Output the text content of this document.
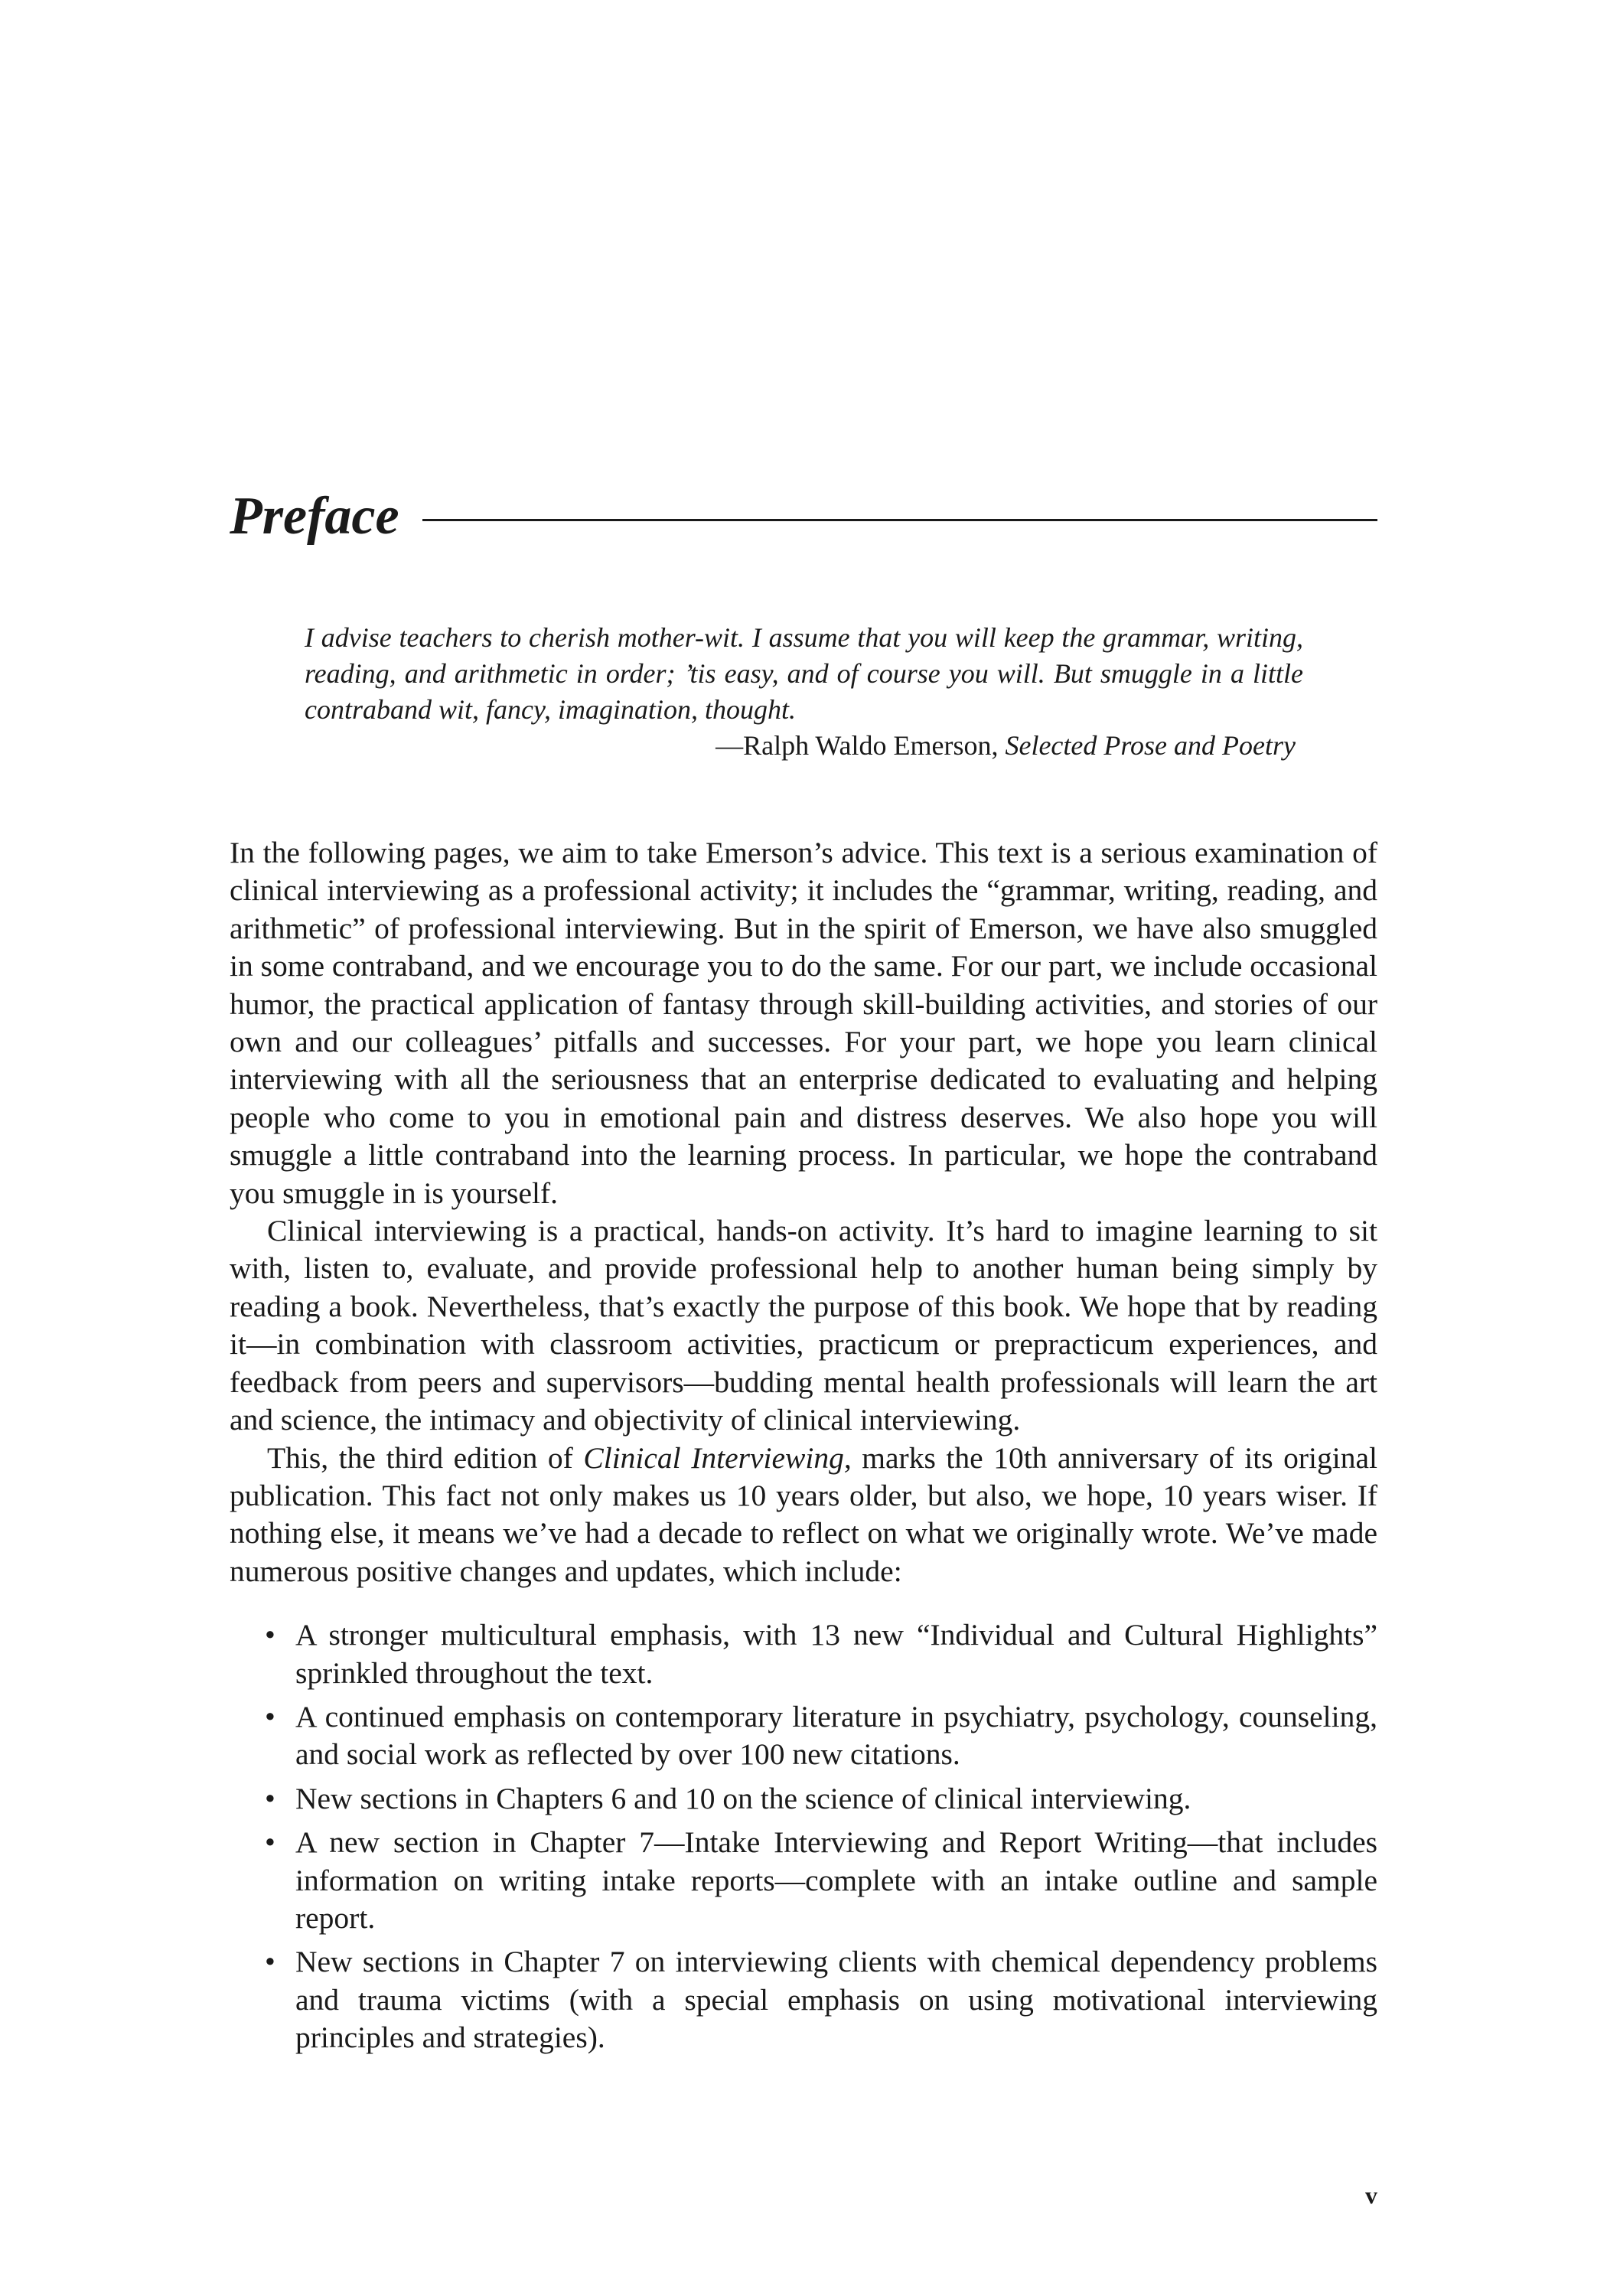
Preface

I advise teachers to cherish mother-wit. I assume that you will keep the grammar, writing, reading, and arithmetic in order; ’tis easy, and of course you will. But smuggle in a little contraband wit, fancy, imagination, thought.

—Ralph Waldo Emerson, Selected Prose and Poetry

In the following pages, we aim to take Emerson’s advice. This text is a serious examination of clinical interviewing as a professional activity; it includes the “grammar, writing, reading, and arithmetic” of professional interviewing. But in the spirit of Emerson, we have also smuggled in some contraband, and we encourage you to do the same. For our part, we include occasional humor, the practical application of fantasy through skill-building activities, and stories of our own and our colleagues’ pitfalls and successes. For your part, we hope you learn clinical interviewing with all the seriousness that an enterprise dedicated to evaluating and helping people who come to you in emotional pain and distress deserves. We also hope you will smuggle a little contraband into the learning process. In particular, we hope the contraband you smuggle in is yourself.

Clinical interviewing is a practical, hands-on activity. It’s hard to imagine learning to sit with, listen to, evaluate, and provide professional help to another human being simply by reading a book. Nevertheless, that’s exactly the purpose of this book. We hope that by reading it—in combination with classroom activities, practicum or prepracticum experiences, and feedback from peers and supervisors—budding mental health professionals will learn the art and science, the intimacy and objectivity of clinical interviewing.

This, the third edition of Clinical Interviewing, marks the 10th anniversary of its original publication. This fact not only makes us 10 years older, but also, we hope, 10 years wiser. If nothing else, it means we’ve had a decade to reflect on what we originally wrote. We’ve made numerous positive changes and updates, which include:

• A stronger multicultural emphasis, with 13 new “Individual and Cultural Highlights” sprinkled throughout the text.
• A continued emphasis on contemporary literature in psychiatry, psychology, counseling, and social work as reflected by over 100 new citations.
• New sections in Chapters 6 and 10 on the science of clinical interviewing.
• A new section in Chapter 7—Intake Interviewing and Report Writing—that includes information on writing intake reports—complete with an intake outline and sample report.
• New sections in Chapter 7 on interviewing clients with chemical dependency problems and trauma victims (with a special emphasis on using motivational interviewing principles and strategies).
v
